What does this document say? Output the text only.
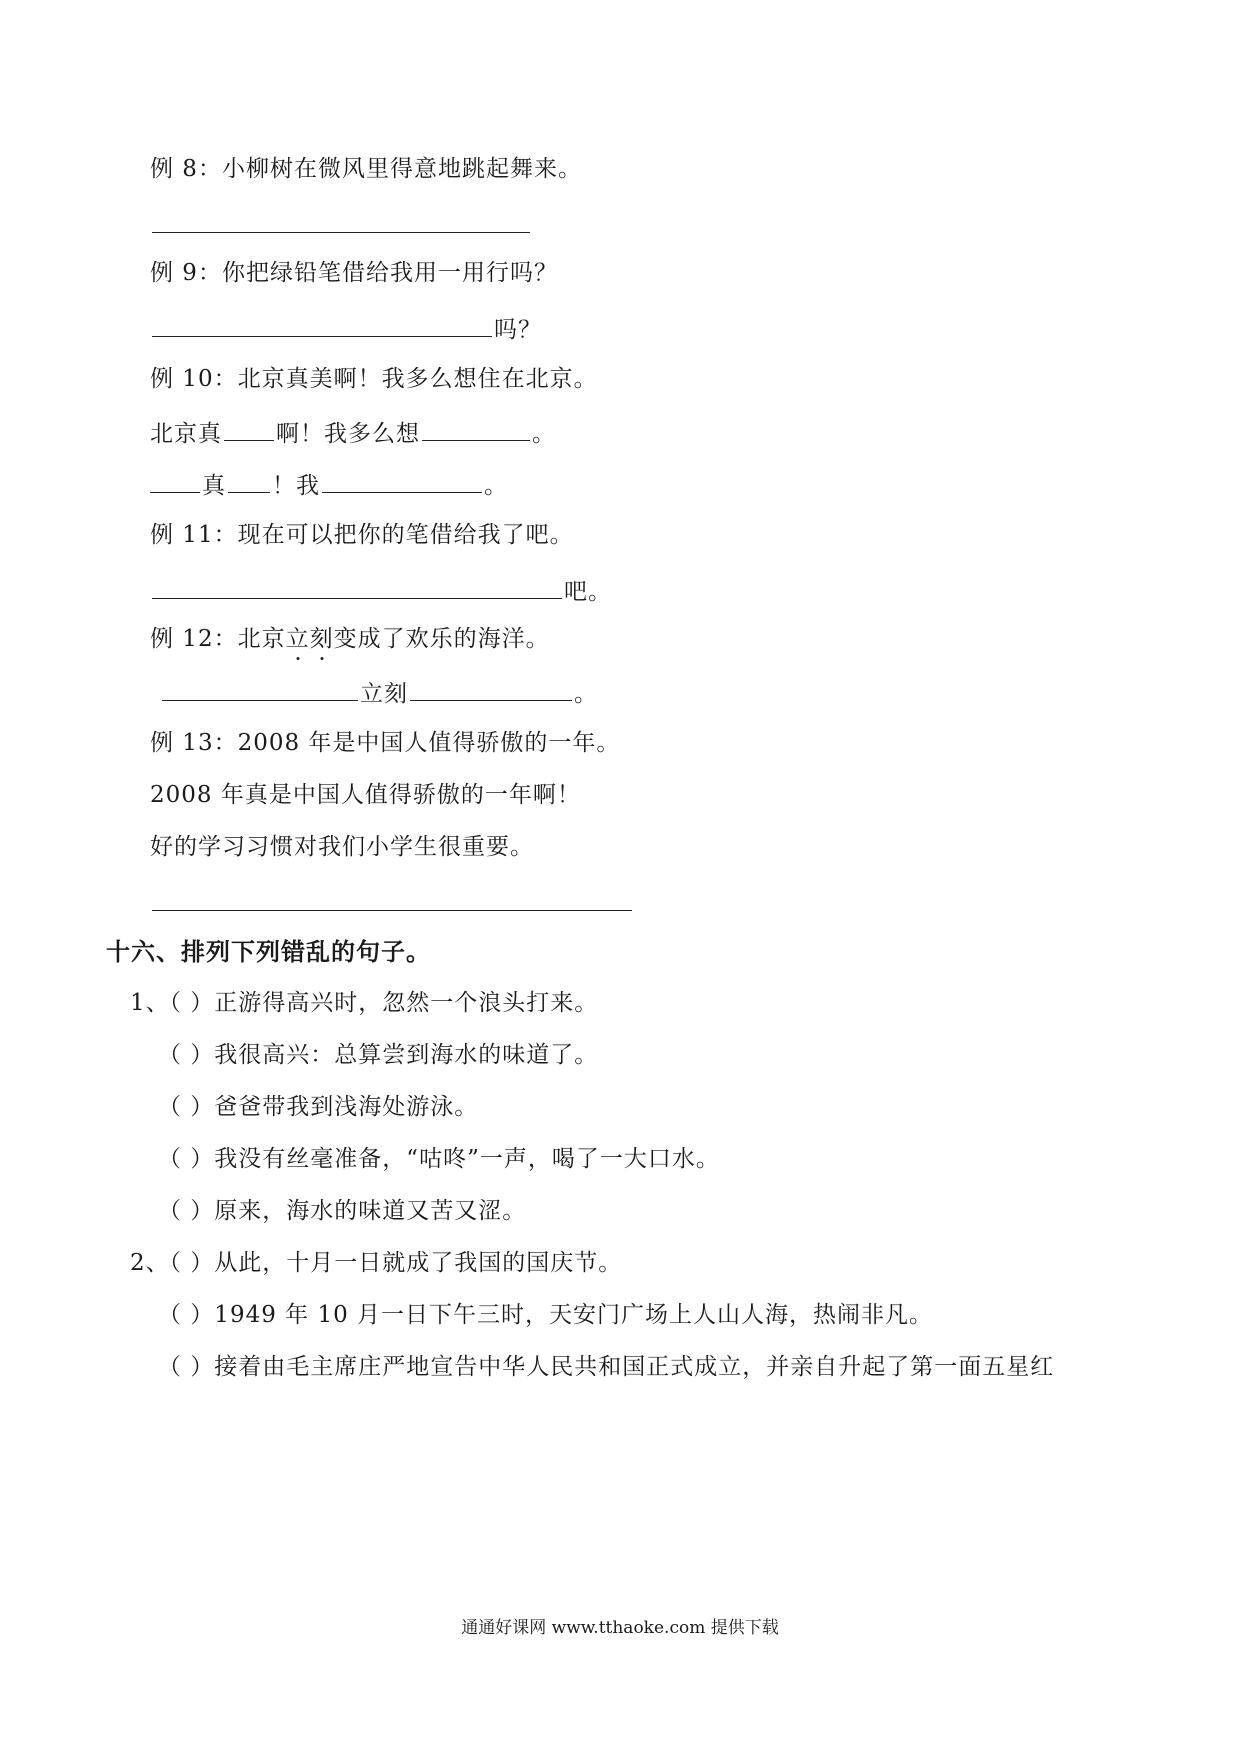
例 8：小柳树在微风里得意地跳起舞来。
例 9：你把绿铅笔借给我用一用行吗？
吗？
例 10：北京真美啊！我多么想住在北京。
北京真 啊！我多么想	。
真 ！我	。
例 11：现在可以把你的笔借给我了吧。
吧。
例 12：北京立刻变成了欢乐的海洋。
立刻	。
例 13：2008 年是中国人值得骄傲的一年。
2008 年真是中国人值得骄傲的一年啊！
好的学习习惯对我们小学生很重要。
十六、排列下列错乱的句子。
1、
（ ）正游得高兴时，忽然一个浪头打来。
（ ）我很高兴：总算尝到海水的味道了。
（ ）爸爸带我到浅海处游泳。
（ ）我没有丝毫准备，“咕咚”一声，喝了一大口水。
（ ）原来，海水的味道又苦又涩。
2、
（ ）从此，十月一日就成了我国的国庆节。
（ ）1949 年 10 月一日下午三时，天安门广场上人山人海，热闹非凡。
（ ）接着由毛主席庄严地宣告中华人民共和国正式成立，并亲自升起了第一面五星红
通通好课网 www.tthaoke.com 提供下载
